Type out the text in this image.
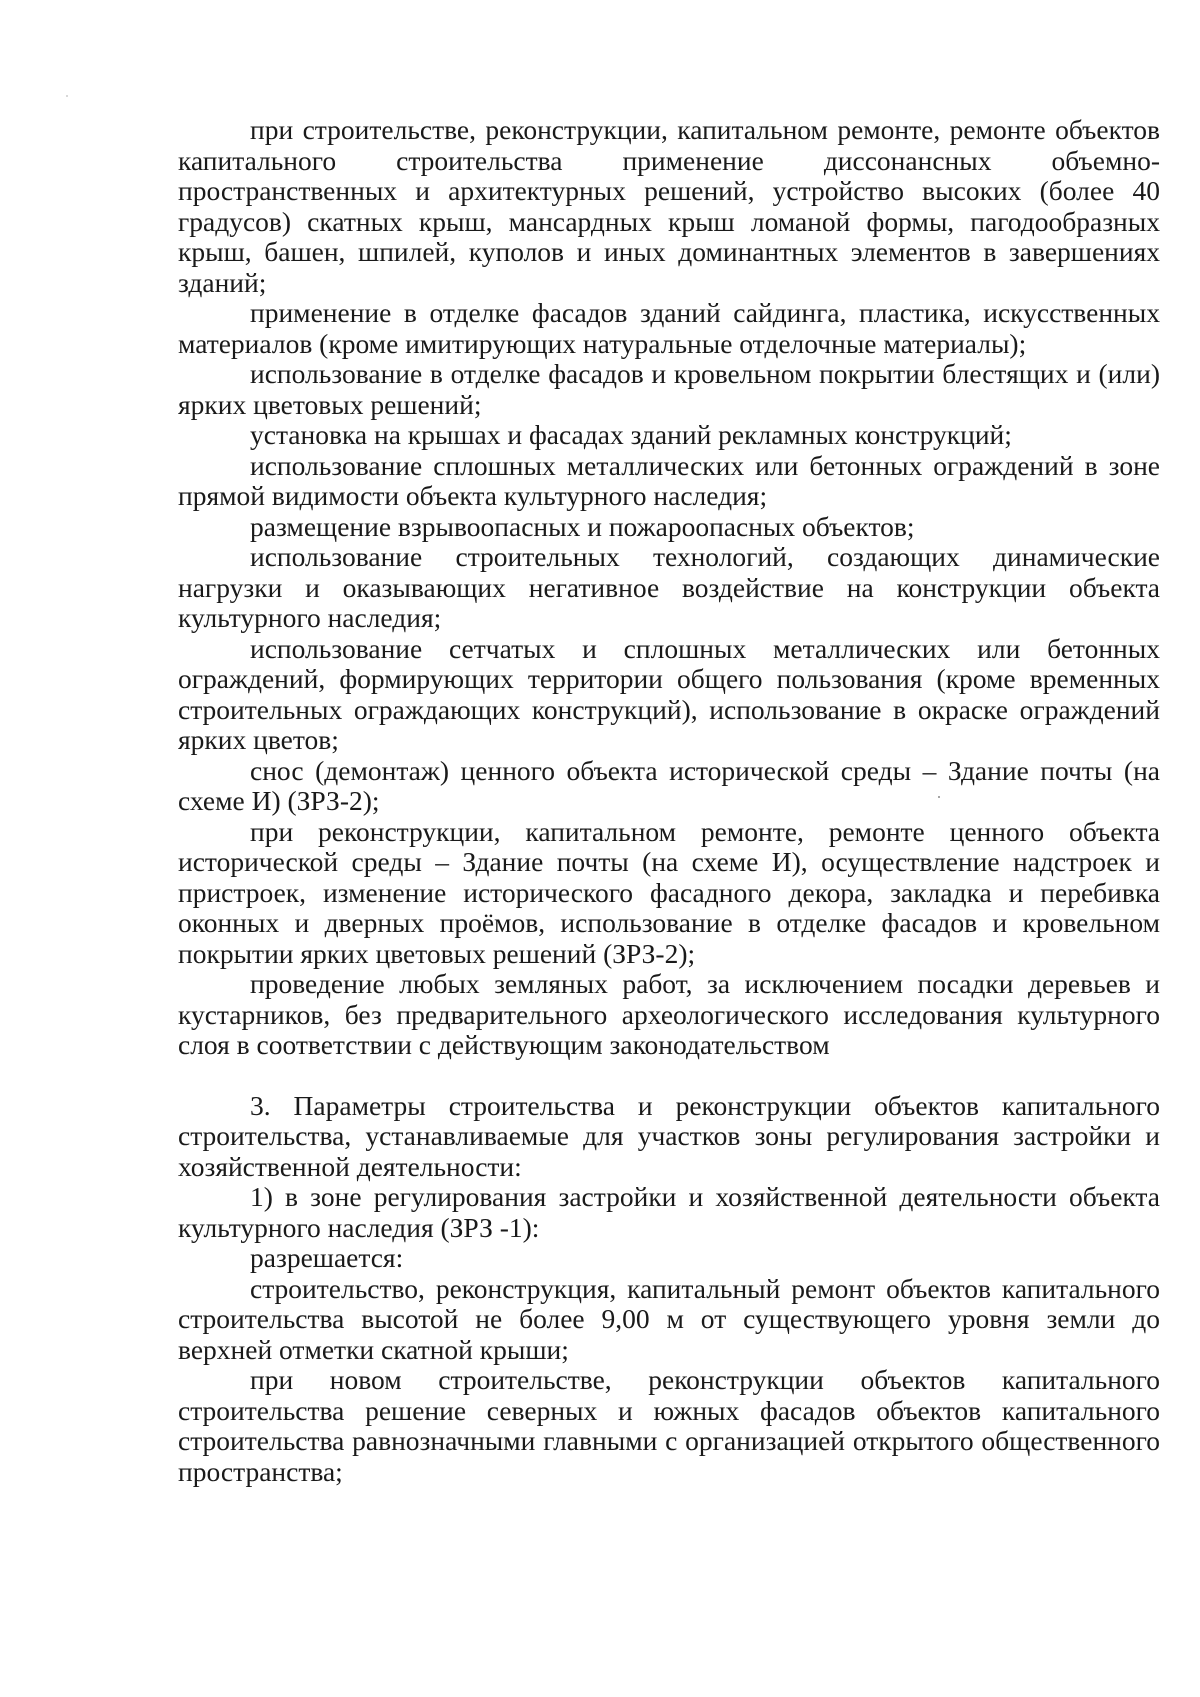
при строительстве, реконструкции, капитальном ремонте, ремонте объектов капитального строительства применение диссонансных объемно-пространственных и архитектурных решений, устройство высоких (более 40 градусов) скатных крыш, мансардных крыш ломаной формы, пагодообразных крыш, башен, шпилей, куполов и иных доминантных элементов в завершениях зданий;

применение в отделке фасадов зданий сайдинга, пластика, искусственных материалов (кроме имитирующих натуральные отделочные материалы);

использование в отделке фасадов и кровельном покрытии блестящих и (или) ярких цветовых решений;

установка на крышах и фасадах зданий рекламных конструкций;

использование сплошных металлических или бетонных ограждений в зоне прямой видимости объекта культурного наследия;

размещение взрывоопасных и пожароопасных объектов;

использование строительных технологий, создающих динамические нагрузки и оказывающих негативное воздействие на конструкции объекта культурного наследия;

использование сетчатых и сплошных металлических или бетонных ограждений, формирующих территории общего пользования (кроме временных строительных ограждающих конструкций), использование в окраске ограждений ярких цветов;

снос (демонтаж) ценного объекта исторической среды – Здание почты (на схеме И) (ЗРЗ-2);

при реконструкции, капитальном ремонте, ремонте ценного объекта исторической среды – Здание почты (на схеме И), осуществление надстроек и пристроек, изменение исторического фасадного декора, закладка и перебивка оконных и дверных проёмов, использование в отделке фасадов и кровельном покрытии ярких цветовых решений (ЗРЗ-2);

проведение любых земляных работ, за исключением посадки деревьев и кустарников, без предварительного археологического исследования культурного слоя в соответствии с действующим законодательством

3. Параметры строительства и реконструкции объектов капитального строительства, устанавливаемые для участков зоны регулирования застройки и хозяйственной деятельности:

1) в зоне регулирования застройки и хозяйственной деятельности объекта культурного наследия (ЗРЗ -1):

разрешается:

строительство, реконструкция, капитальный ремонт объектов капитального строительства высотой не более 9,00 м от существующего уровня земли до верхней отметки скатной крыши;

при новом строительстве, реконструкции объектов капитального строительства решение северных и южных фасадов объектов капитального строительства равнозначными главными с организацией открытого общественного пространства;
